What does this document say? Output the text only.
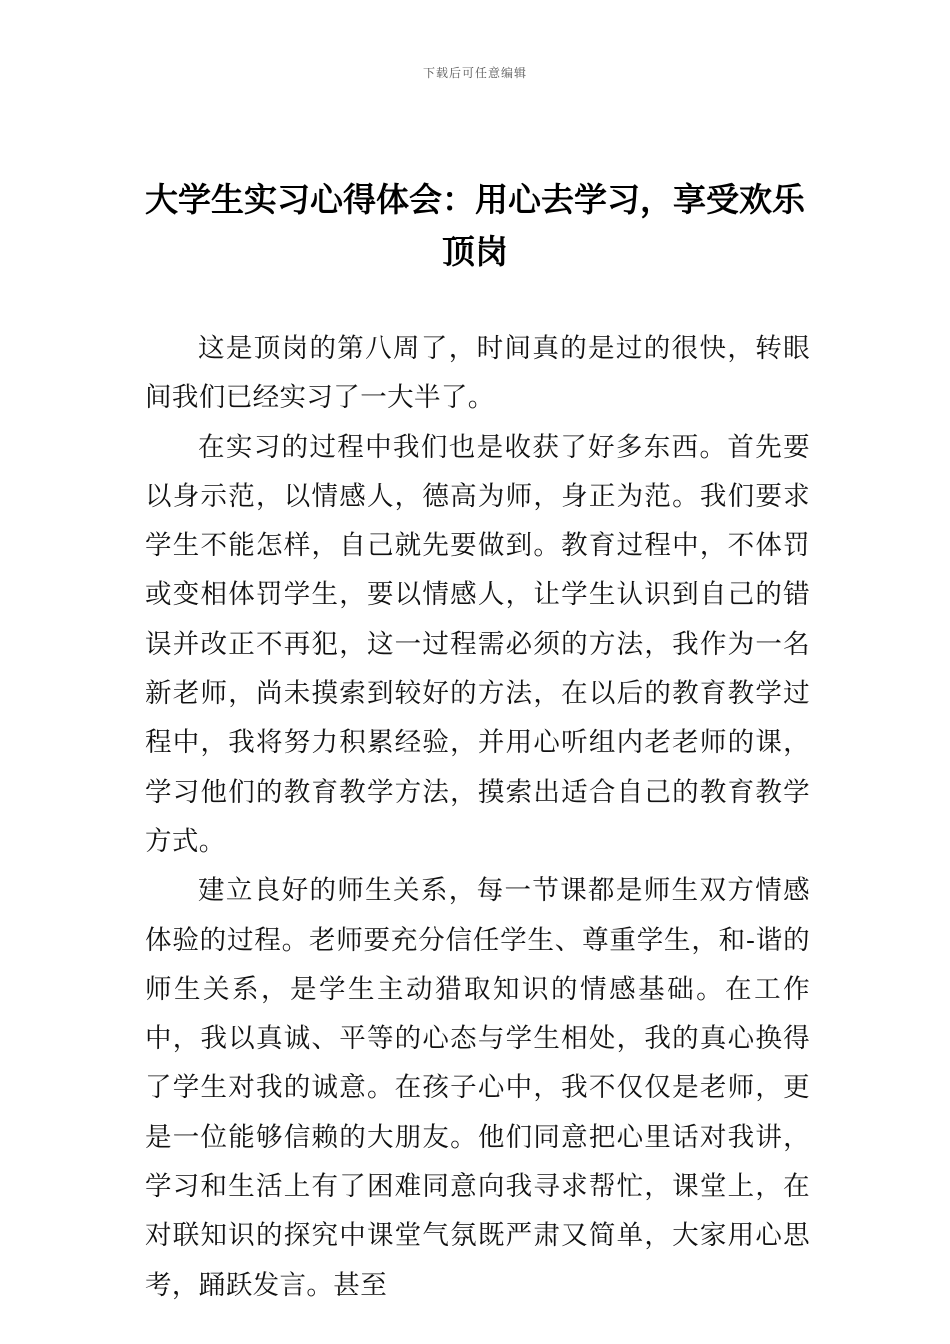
下载后可任意编辑
大学生实习心得体会：用心去学习，享受欢乐顶岗

这是顶岗的第八周了，时间真的是过的很快，转眼间我们已经实习了一大半了。

在实习的过程中我们也是收获了好多东西。首先要以身示范，以情感人，德高为师，身正为范。我们要求学生不能怎样，自己就先要做到。教育过程中，不体罚或变相体罚学生，要以情感人，让学生认识到自己的错误并改正不再犯，这一过程需必须的方法，我作为一名新老师，尚未摸索到较好的方法，在以后的教育教学过程中，我将努力积累经验，并用心听组内老老师的课，学习他们的教育教学方法，摸索出适合自己的教育教学方式。

建立良好的师生关系，每一节课都是师生双方情感体验的过程。老师要充分信任学生、尊重学生，和-谐的师生关系，是学生主动猎取知识的情感基础。在工作中，我以真诚、平等的心态与学生相处，我的真心换得了学生对我的诚意。在孩子心中，我不仅仅是老师，更是一位能够信赖的大朋友。他们同意把心里话对我讲，学习和生活上有了困难同意向我寻求帮忙，课堂上，在对联知识的探究中课堂气氛既严肃又简单，大家用心思考，踊跃发言。甚至
